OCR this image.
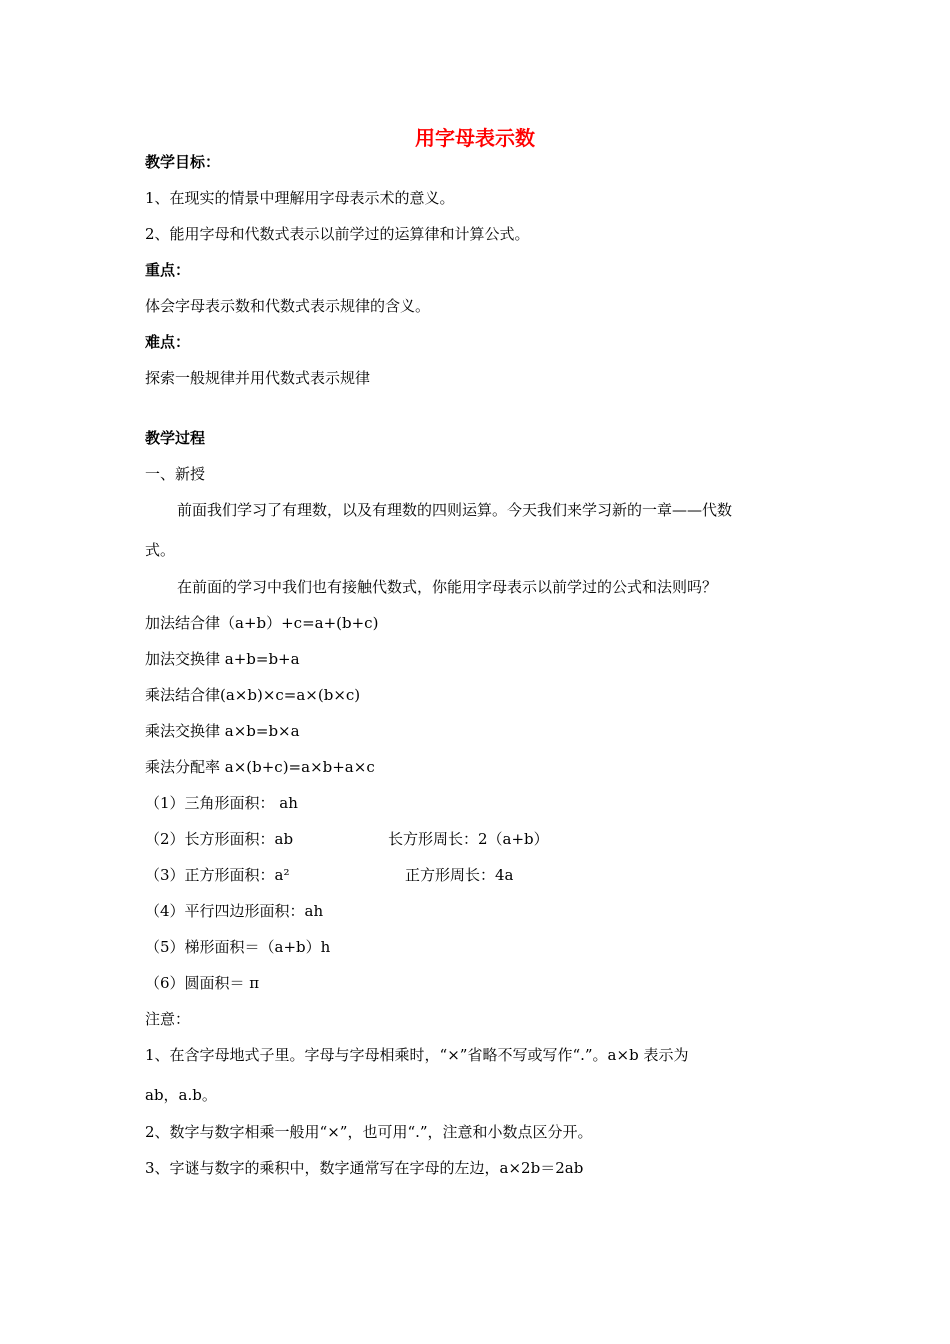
用字母表示数
教学目标：
1、在现实的情景中理解用字母表示术的意义。
2、能用字母和代数式表示以前学过的运算律和计算公式。
重点：
体会字母表示数和代数式表示规律的含义。
难点：
探索一般规律并用代数式表示规律
教学过程
一、新授
前面我们学习了有理数，以及有理数的四则运算。今天我们来学习新的一章——代数
式。
在前面的学习中我们也有接触代数式，你能用字母表示以前学过的公式和法则吗？
加法结合律（a+b）+c=a+(b+c)
加法交换律 a+b=b+a
乘法结合律(a×b)×c=a×(b×c)
乘法交换律 a×b=b×a
乘法分配率 a×(b+c)=a×b+a×c
（1）三角形面积： ah
（2）长方形面积：ab	长方形周长：2（a+b）
（3）正方形面积：a²	正方形周长：4a
（4）平行四边形面积：ah
（5）梯形面积＝（a+b）h
（6）圆面积＝ π
注意：
1、在含字母地式子里。字母与字母相乘时，“×”省略不写或写作“.”。a×b 表示为
ab，a.b。
2、数字与数字相乘一般用“×”，也可用“.”，注意和小数点区分开。
3、字谜与数字的乘积中，数字通常写在字母的左边，a×2b＝2ab
